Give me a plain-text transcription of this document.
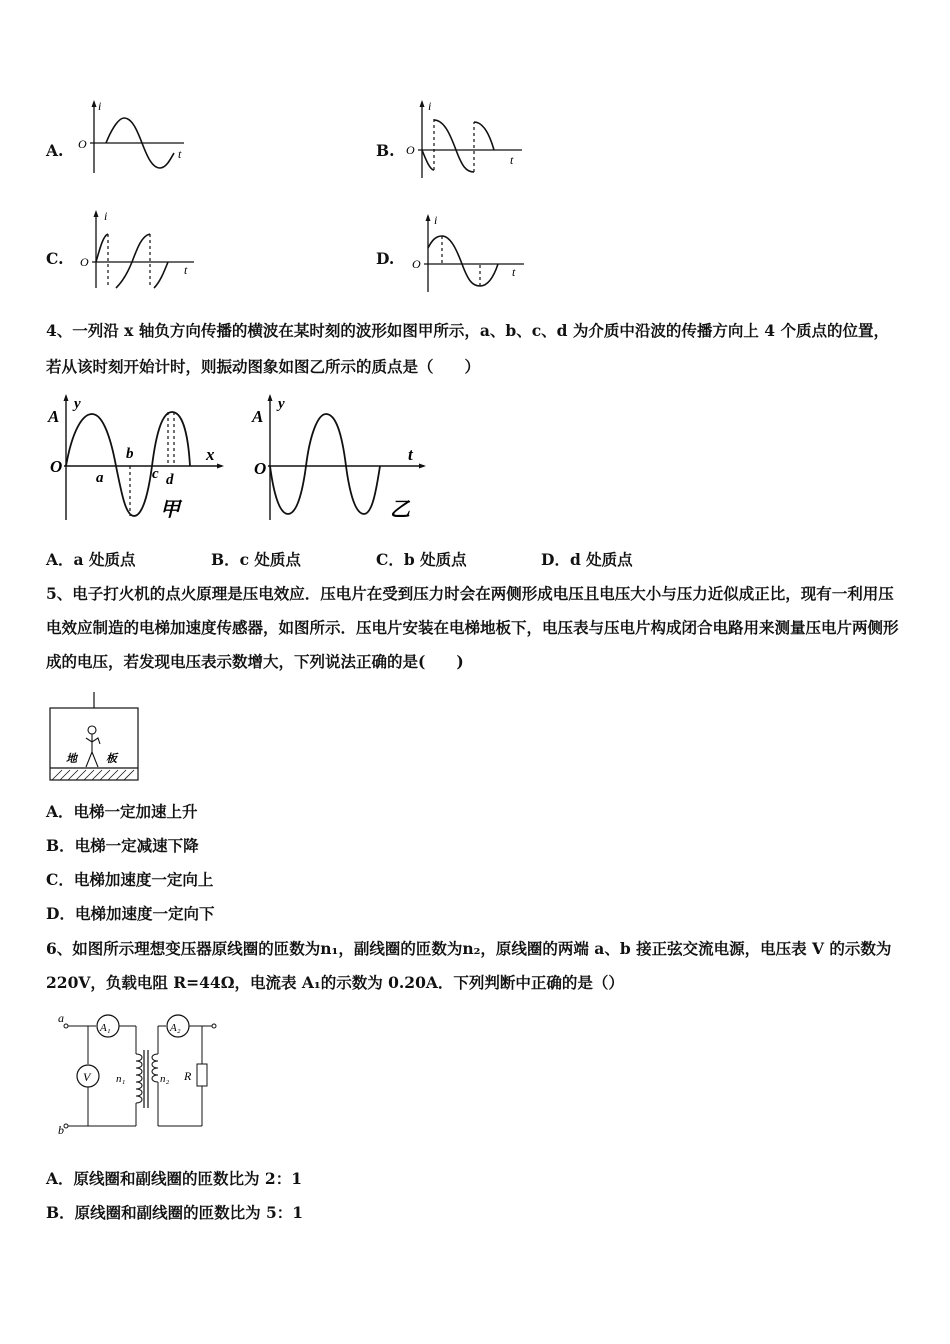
A.
i
O
t	B.
i
O
t
C.
i
O
t
D.
i
O
t
4、一列沿 x 轴负方向传播的横波在某时刻的波形如图甲所示，a、b、c、d 为介质中沿波的传播方向上 4 个质点的位置，
若从该时刻开始计时，则振动图象如图乙所示的质点是（　　）
A
y
O
x
a
b
c d
甲
A
y
O
t
乙
A．a 处质点	B．c 处质点	C．b 处质点	D．d 处质点
5、电子打火机的点火原理是压电效应．压电片在受到压力时会在两侧形成电压且电压大小与压力近似成正比，现有一利用压电效应制造的电梯加速度传感器，如图所示．压电片安装在电梯地板下，电压表与压电片构成闭合电路用来测量压电片两侧形成的电压，若发现电压表示数增大，下列说法正确的是(　　)
地	板
A．电梯一定加速上升
B．电梯一定减速下降
C．电梯加速度一定向上
D．电梯加速度一定向下
6、如图所示理想变压器原线圈的匝数为n₁，副线圈的匝数为n₂，原线圈的两端 a、b 接正弦交流电源，电压表 V 的示数为 220V，负载电阻 R=44Ω，电流表 A₁的示数为 0.20A．下列判断中正确的是（）
A₁
V n₁	n₂
A₂
R
a
b
A．原线圈和副线圈的匝数比为 2：1
B．原线圈和副线圈的匝数比为 5：1
